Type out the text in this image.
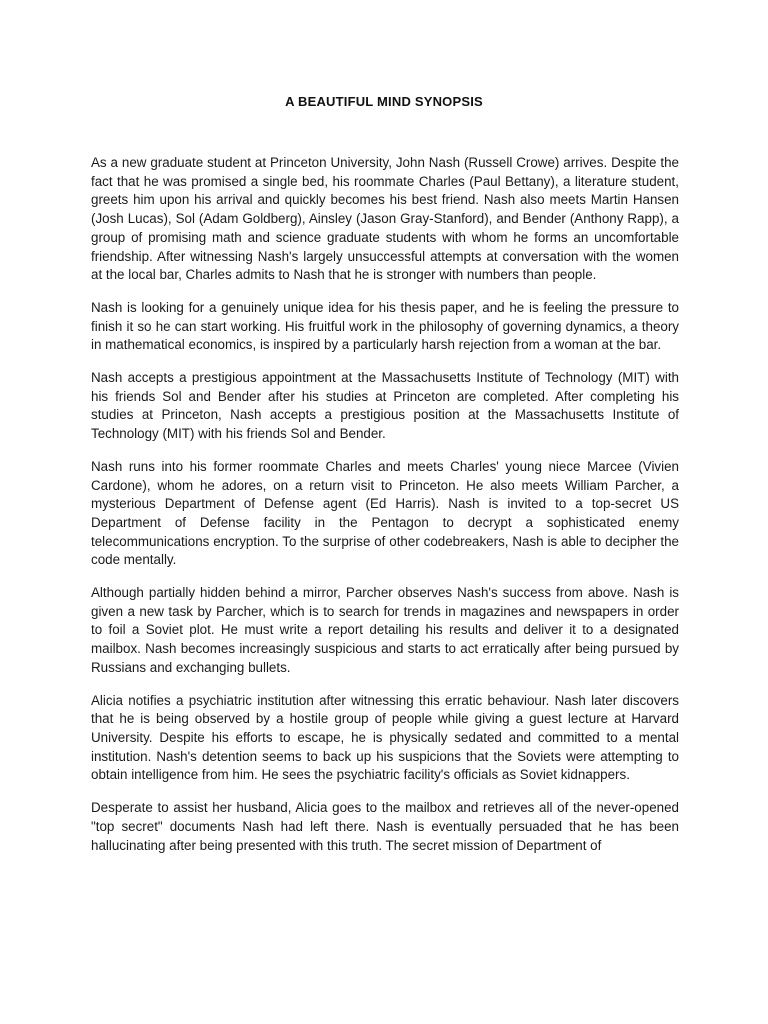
A BEAUTIFUL MIND SYNOPSIS

As a new graduate student at Princeton University, John Nash (Russell Crowe) arrives. Despite the fact that he was promised a single bed, his roommate Charles (Paul Bettany), a literature student, greets him upon his arrival and quickly becomes his best friend. Nash also meets Martin Hansen (Josh Lucas), Sol (Adam Goldberg), Ainsley (Jason Gray-Stanford), and Bender (Anthony Rapp), a group of promising math and science graduate students with whom he forms an uncomfortable friendship. After witnessing Nash's largely unsuccessful attempts at conversation with the women at the local bar, Charles admits to Nash that he is stronger with numbers than people.

Nash is looking for a genuinely unique idea for his thesis paper, and he is feeling the pressure to finish it so he can start working. His fruitful work in the philosophy of governing dynamics, a theory in mathematical economics, is inspired by a particularly harsh rejection from a woman at the bar.

Nash accepts a prestigious appointment at the Massachusetts Institute of Technology (MIT) with his friends Sol and Bender after his studies at Princeton are completed. After completing his studies at Princeton, Nash accepts a prestigious position at the Massachusetts Institute of Technology (MIT) with his friends Sol and Bender.

Nash runs into his former roommate Charles and meets Charles' young niece Marcee (Vivien Cardone), whom he adores, on a return visit to Princeton. He also meets William Parcher, a mysterious Department of Defense agent (Ed Harris). Nash is invited to a top-secret US Department of Defense facility in the Pentagon to decrypt a sophisticated enemy telecommunications encryption. To the surprise of other codebreakers, Nash is able to decipher the code mentally.

Although partially hidden behind a mirror, Parcher observes Nash's success from above. Nash is given a new task by Parcher, which is to search for trends in magazines and newspapers in order to foil a Soviet plot. He must write a report detailing his results and deliver it to a designated mailbox. Nash becomes increasingly suspicious and starts to act erratically after being pursued by Russians and exchanging bullets.

Alicia notifies a psychiatric institution after witnessing this erratic behaviour. Nash later discovers that he is being observed by a hostile group of people while giving a guest lecture at Harvard University. Despite his efforts to escape, he is physically sedated and committed to a mental institution. Nash's detention seems to back up his suspicions that the Soviets were attempting to obtain intelligence from him. He sees the psychiatric facility's officials as Soviet kidnappers.

Desperate to assist her husband, Alicia goes to the mailbox and retrieves all of the never-opened "top secret" documents Nash had left there. Nash is eventually persuaded that he has been hallucinating after being presented with this truth. The secret mission of Department of
